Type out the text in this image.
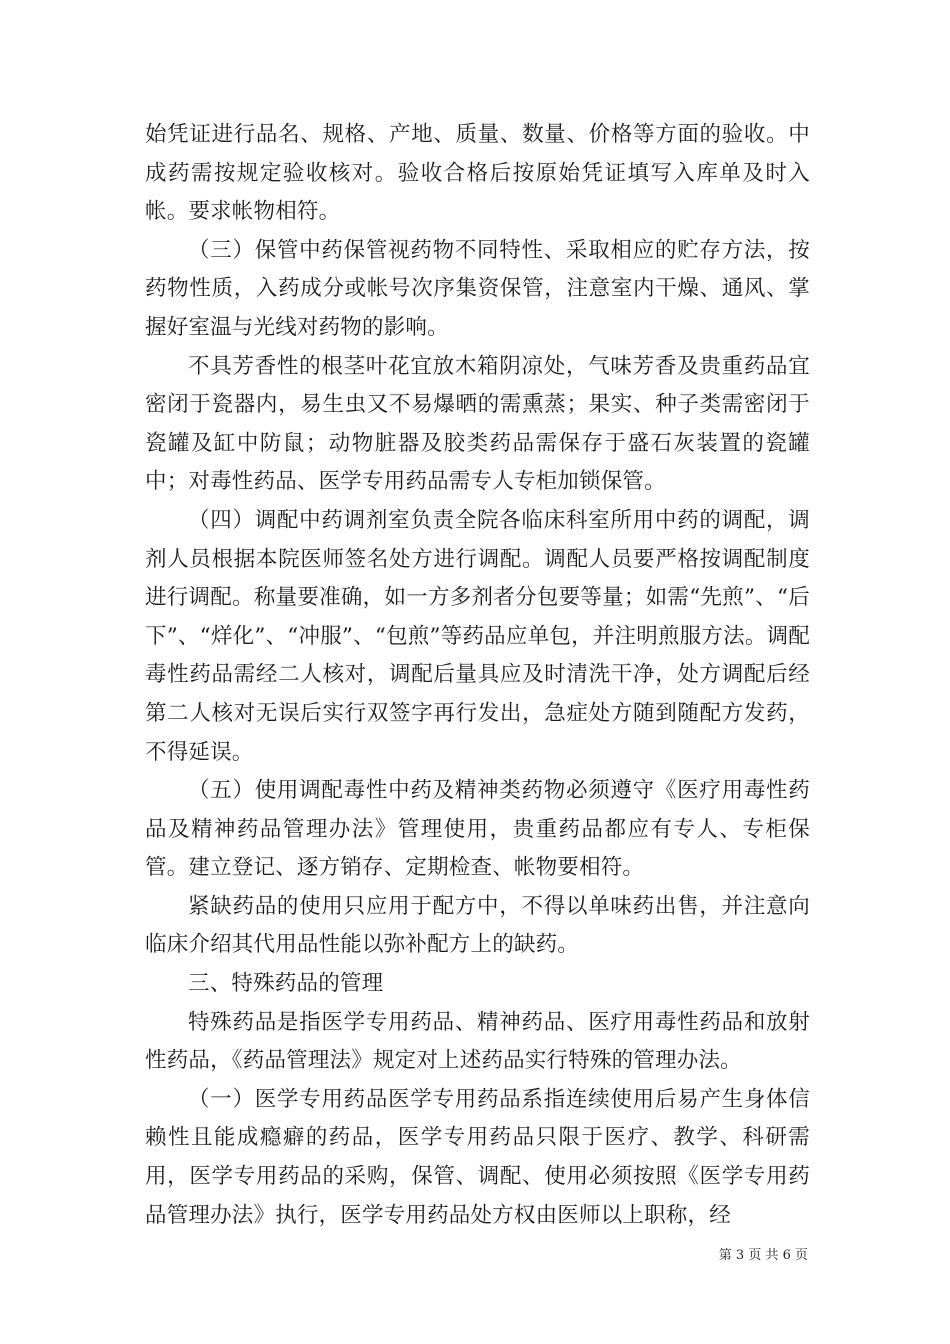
始凭证进行品名、规格、产地、质量、数量、价格等方面的验收。中成药需按规定验收核对。验收合格后按原始凭证填写入库单及时入帐。要求帐物相符。

（三）保管中药保管视药物不同特性、采取相应的贮存方法，按药物性质，入药成分或帐号次序集资保管，注意室内干燥、通风、掌握好室温与光线对药物的影响。

不具芳香性的根茎叶花宜放木箱阴凉处，气味芳香及贵重药品宜密闭于瓷器内，易生虫又不易爆晒的需熏蒸；果实、种子类需密闭于瓷罐及缸中防鼠；动物脏器及胶类药品需保存于盛石灰装置的瓷罐中；对毒性药品、医学专用药品需专人专柜加锁保管。

（四）调配中药调剂室负责全院各临床科室所用中药的调配，调剂人员根据本院医师签名处方进行调配。调配人员要严格按调配制度进行调配。称量要准确，如一方多剂者分包要等量；如需“先煎”、“后下”、“烊化”、“冲服”、“包煎”等药品应单包，并注明煎服方法。调配毒性药品需经二人核对，调配后量具应及时清洗干净，处方调配后经第二人核对无误后实行双签字再行发出，急症处方随到随配方发药，不得延误。

（五）使用调配毒性中药及精神类药物必须遵守《医疗用毒性药品及精神药品管理办法》管理使用，贵重药品都应有专人、专柜保管。建立登记、逐方销存、定期检查、帐物要相符。

紧缺药品的使用只应用于配方中，不得以单味药出售，并注意向临床介绍其代用品性能以弥补配方上的缺药。

三、特殊药品的管理

特殊药品是指医学专用药品、精神药品、医疗用毒性药品和放射性药品，《药品管理法》规定对上述药品实行特殊的管理办法。

（一）医学专用药品医学专用药品系指连续使用后易产生身体信赖性且能成瘾癖的药品，医学专用药品只限于医疗、教学、科研需用，医学专用药品的采购，保管、调配、使用必须按照《医学专用药品管理办法》执行，医学专用药品处方权由医师以上职称，经

第 3 页 共 6 页
